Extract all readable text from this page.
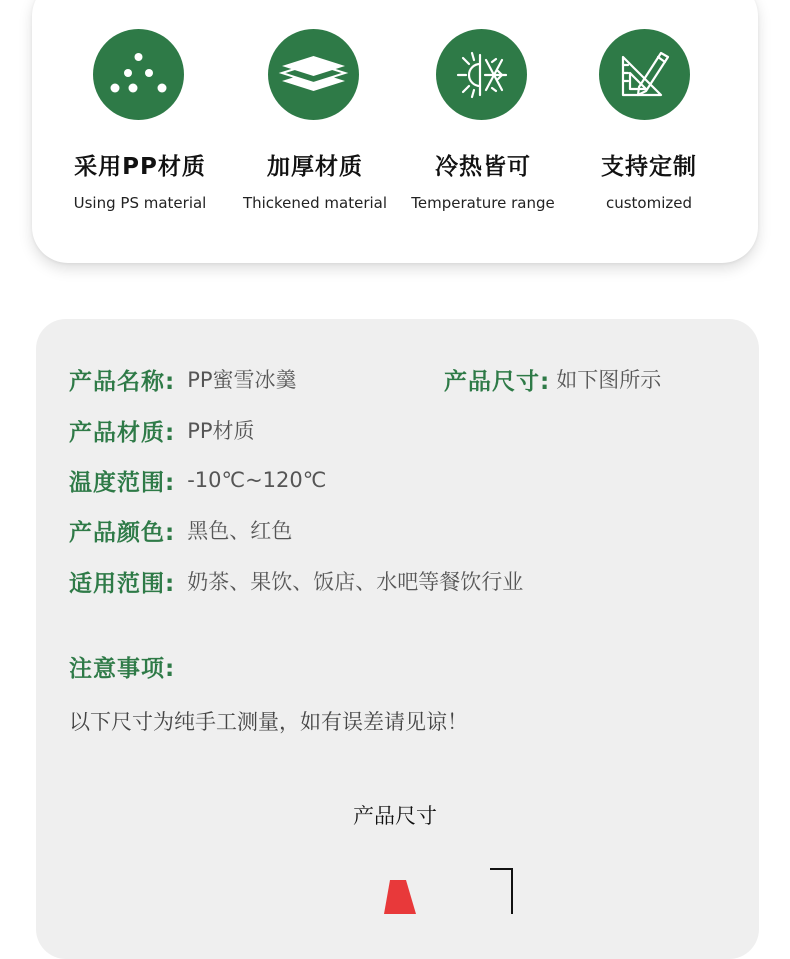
采用PP材质
Using PS material
加厚材质
Thickened material
冷热皆可
Temperature range
支持定制
customized
产品名称: PP蜜雪冰羹	产品尺寸: 如下图所示
产品材质: PP材质
温度范围: -10℃~120℃
产品颜色: 黑色、红色
适用范围: 奶茶、果饮、饭店、水吧等餐饮行业
注意事项:
以下尺寸为纯手工测量，如有误差请见谅！
产品尺寸
